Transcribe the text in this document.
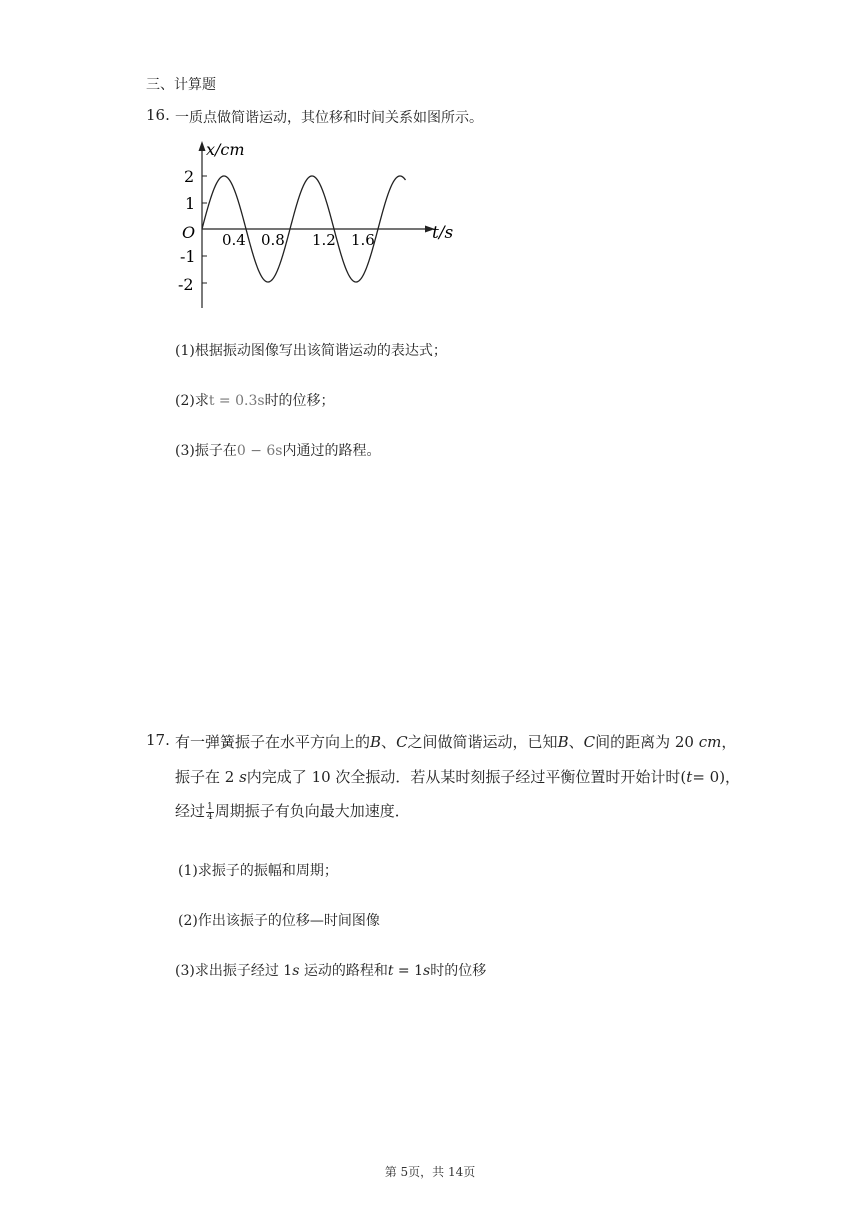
三、计算题
16. 一质点做简谐运动，其位移和时间关系如图所示。
x/cm
t/s
O
2
1
-1
-2
0.4 0.8 1.2 1.6
(1)根据振动图像写出该简谐运动的表达式；
(2)求t = 0.3s时的位移；
(3)振子在0 − 6s内通过的路程。
17. 有一弹簧振子在水平方向上的B、C之间做简谐运动，已知B、C间的距离为 20 cm，
振子在 2 s内完成了 10 次全振动．若从某时刻振子经过平衡位置时开始计时(t= 0)，
经过 $\frac{1}{4}$ 周期振子有负向最大加速度．
(1)求振子的振幅和周期；
(2)作出该振子的位移—时间图像
(3)求出振子经过 1s 运动的路程和t = 1s时的位移
第 5页，共 14页
